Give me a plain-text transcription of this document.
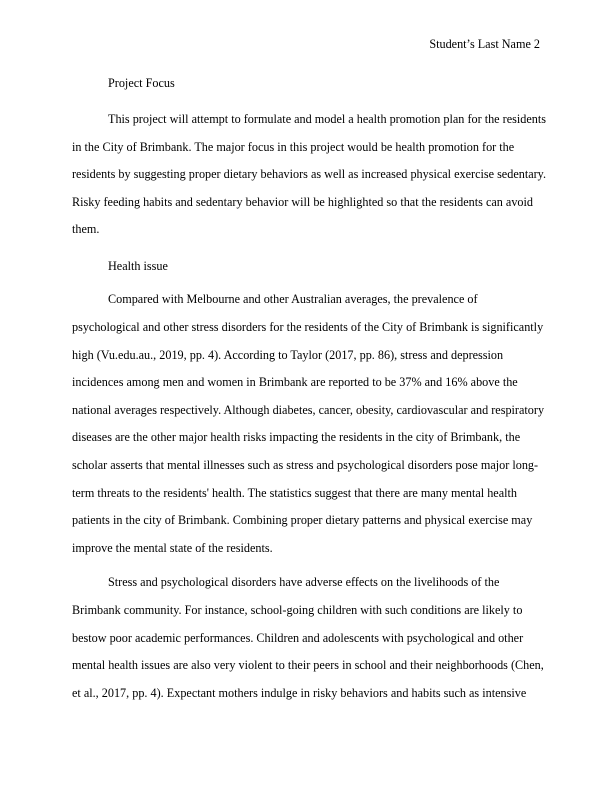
Student’s Last Name 2
Project Focus
This project will attempt to formulate and model a health promotion plan for the residents
in the City of Brimbank. The major focus in this project would be health promotion for the
residents by suggesting proper dietary behaviors as well as increased physical exercise sedentary.
Risky feeding habits and sedentary behavior will be highlighted so that the residents can avoid
them.
Health issue
Compared with Melbourne and other Australian averages, the prevalence of
psychological and other stress disorders for the residents of the City of Brimbank is significantly
high (Vu.edu.au., 2019, pp. 4). According to Taylor (2017, pp. 86), stress and depression
incidences among men and women in Brimbank are reported to be 37% and 16% above the
national averages respectively. Although diabetes, cancer, obesity, cardiovascular and respiratory
diseases are the other major health risks impacting the residents in the city of Brimbank, the
scholar asserts that mental illnesses such as stress and psychological disorders pose major long-
term threats to the residents' health. The statistics suggest that there are many mental health
patients in the city of Brimbank. Combining proper dietary patterns and physical exercise may
improve the mental state of the residents.
Stress and psychological disorders have adverse effects on the livelihoods of the
Brimbank community. For instance, school-going children with such conditions are likely to
bestow poor academic performances. Children and adolescents with psychological and other
mental health issues are also very violent to their peers in school and their neighborhoods (Chen,
et al., 2017, pp. 4). Expectant mothers indulge in risky behaviors and habits such as intensive
